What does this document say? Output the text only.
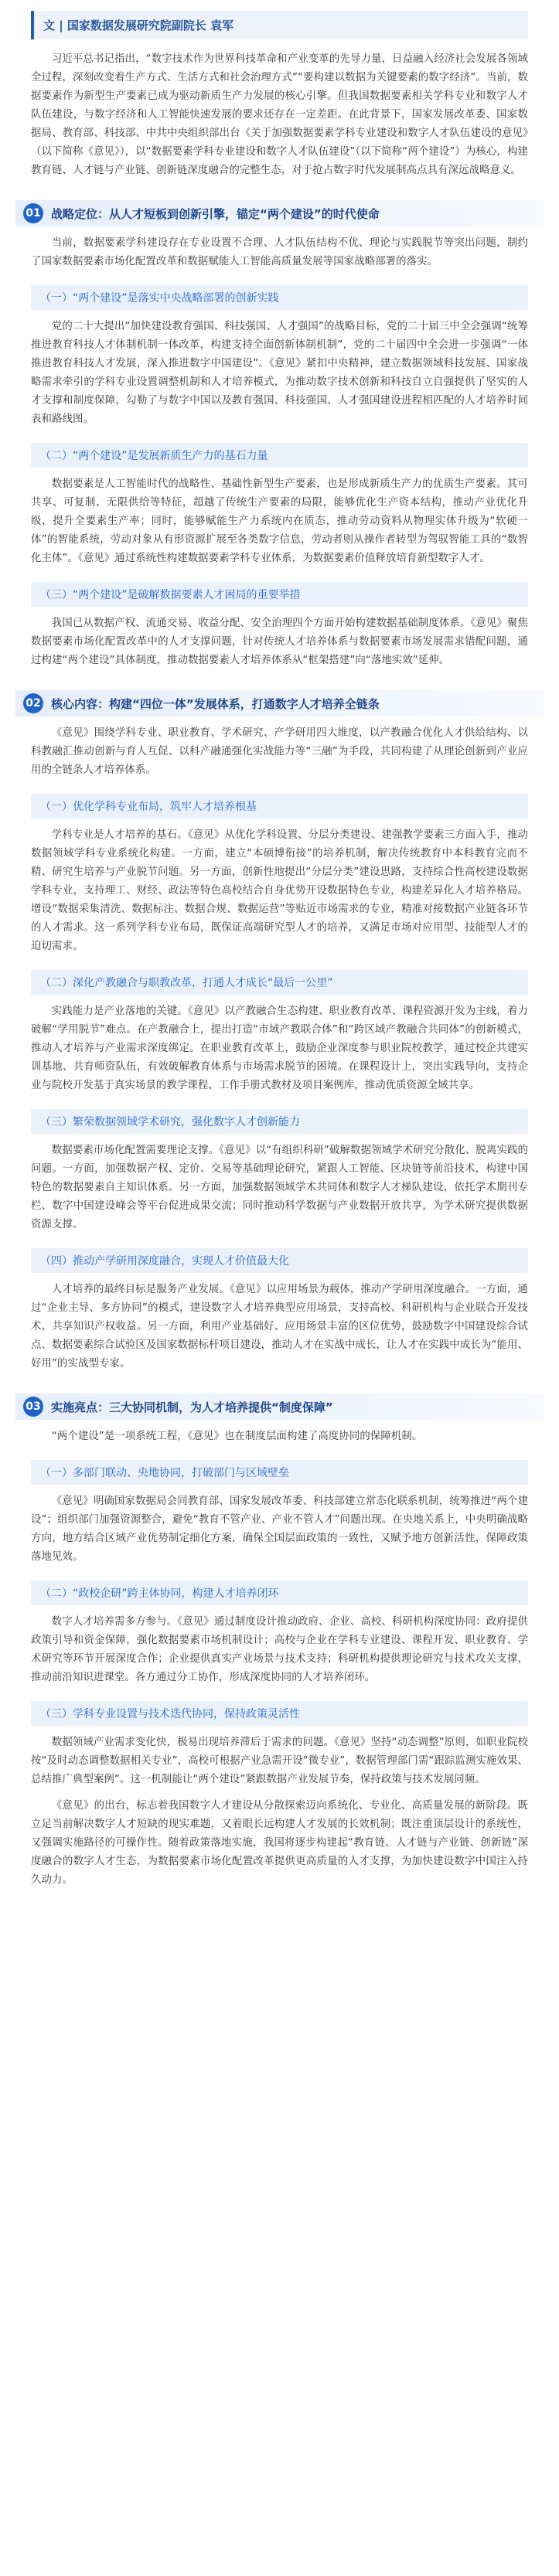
文 | 国家数据发展研究院副院长 袁军

习近平总书记指出，“数字技术作为世界科技革命和产业变革的先导力量，日益融入经济社会发展各领域全过程，深刻改变着生产方式、生活方式和社会治理方式”“要构建以数据为关键要素的数字经济”。当前，数据要素作为新型生产要素已成为驱动新质生产力发展的核心引擎。但我国数据要素相关学科专业和数字人才队伍建设，与数字经济和人工智能快速发展的要求还存在一定差距。在此背景下，国家发展改革委、国家数据局、教育部、科技部、中共中央组织部出台《关于加强数据要素学科专业建设和数字人才队伍建设的意见》（以下简称《意见》），以“数据要素学科专业建设和数字人才队伍建设”（以下简称“两个建设”）为核心，构建教育链、人才链与产业链、创新链深度融合的完整生态，对于抢占数字时代发展制高点具有深远战略意义。

01 战略定位：从人才短板到创新引擎，锚定“两个建设”的时代使命

当前，数据要素学科建设存在专业设置不合理、人才队伍结构不优、理论与实践脱节等突出问题，制约了国家数据要素市场化配置改革和数据赋能人工智能高质量发展等国家战略部署的落实。

（一）“两个建设”是落实中央战略部署的创新实践

党的二十大提出“加快建设教育强国、科技强国、人才强国”的战略目标，党的二十届三中全会强调“统筹推进教育科技人才体制机制一体改革，构建支持全面创新体制机制”，党的二十届四中全会进一步强调“一体推进教育科技人才发展，深入推进数字中国建设”。《意见》紧扣中央精神，建立数据领域科技发展、国家战略需求牵引的学科专业设置调整机制和人才培养模式，为推动数字技术创新和科技自立自强提供了坚实的人才支撑和制度保障，勾勒了与数字中国以及教育强国、科技强国、人才强国建设进程相匹配的人才培养时间表和路线图。

（二）“两个建设”是发展新质生产力的基石力量

数据要素是人工智能时代的战略性、基础性新型生产要素，也是形成新质生产力的优质生产要素。其可共享、可复制、无限供给等特征，超越了传统生产要素的局限，能够优化生产资本结构，推动产业优化升级，提升全要素生产率；同时，能够赋能生产力系统内在质态，推动劳动资料从物理实体升级为“软硬一体”的智能系统，劳动对象从有形资源扩展至各类数字信息，劳动者则从操作者转型为驾驭智能工具的“数智化主体”。《意见》通过系统性构建数据要素学科专业体系，为数据要素价值释放培育新型数字人才。

（三）“两个建设”是破解数据要素人才困局的重要举措

我国已从数据产权、流通交易、收益分配、安全治理四个方面开始构建数据基础制度体系。《意见》聚焦数据要素市场化配置改革中的人才支撑问题，针对传统人才培养体系与数据要素市场发展需求错配问题，通过构建“两个建设”具体制度，推动数据要素人才培养体系从“框架搭建”向“落地实效”延伸。

02 核心内容：构建“四位一体”发展体系，打通数字人才培养全链条

《意见》围绕学科专业、职业教育、学术研究、产学研用四大维度，以产教融合优化人才供给结构、以科教融汇推动创新与育人互促、以科产融通强化实战能力等“三融”为手段，共同构建了从理论创新到产业应用的全链条人才培养体系。

（一）优化学科专业布局，筑牢人才培养根基

学科专业是人才培养的基石。《意见》从优化学科设置、分层分类建设、建强教学要素三方面入手，推动数据领域学科专业系统化构建。一方面，建立“本硕博衔接”的培养机制，解决传统教育中本科教育完而不精、研究生培养与产业脱节问题。另一方面，创新性地提出“分层分类”建设思路，支持综合性高校建设数据学科专业，支持理工、财经、政法等特色高校结合自身优势开设数据特色专业，构建差异化人才培养格局。增设“数据采集清洗、数据标注、数据合规、数据运营”等贴近市场需求的专业，精准对接数据产业链各环节的人才需求。这一系列学科专业布局，既保证高端研究型人才的培养，又满足市场对应用型、技能型人才的迫切需求。

（二）深化产教融合与职教改革，打通人才成长“最后一公里”

实践能力是产业落地的关键。《意见》以产教融合生态构建、职业教育改革、课程资源开发为主线，着力破解“学用脱节”难点。在产教融合上，提出打造“市域产教联合体”和“跨区域产教融合共同体”的创新模式，推动人才培养与产业需求深度绑定。在职业教育改革上，鼓励企业深度参与职业院校教学，通过校企共建实训基地、共育师资队伍，有效破解教育体系与市场需求脱节的困境。在课程设计上，突出实践导向，支持企业与院校开发基于真实场景的教学课程、工作手册式教材及项目案例库，推动优质资源全域共享。

（三）繁荣数据领域学术研究，强化数字人才创新能力

数据要素市场化配置需要理论支撑。《意见》以“有组织科研”破解数据领域学术研究分散化、脱离实践的问题。一方面，加强数据产权、定价、交易等基础理论研究，紧跟人工智能、区块链等前沿技术，构建中国特色的数据要素自主知识体系。另一方面，加强数据领域学术共同体和数字人才梯队建设，依托学术期刊专栏、数字中国建设峰会等平台促进成果交流；同时推动科学数据与产业数据开放共享，为学术研究提供数据资源支撑。

（四）推动产学研用深度融合，实现人才价值最大化

人才培养的最终目标是服务产业发展。《意见》以应用场景为载体，推动产学研用深度融合。一方面，通过“企业主导、多方协同”的模式，建设数字人才培养典型应用场景，支持高校、科研机构与企业联合开发技术、共享知识产权收益。另一方面，利用产业基础好、应用场景丰富的区位优势，鼓励数字中国建设综合试点、数据要素综合试验区及国家数据标杆项目建设，推动人才在实战中成长，让人才在实践中成长为“能用、好用”的实战型专家。

03 实施亮点：三大协同机制，为人才培养提供“制度保障”

“两个建设”是一项系统工程，《意见》也在制度层面构建了高度协同的保障机制。

（一）多部门联动、央地协同，打破部门与区域壁垒

《意见》明确国家数据局会同教育部、国家发展改革委、科技部建立常态化联系机制，统筹推进“两个建设”；组织部门加强资源整合，避免“教育不管产业、产业不管人才”问题出现。在央地关系上，中央明确战略方向，地方结合区域产业优势制定细化方案，确保全国层面政策的一致性，又赋予地方创新活性，保障政策落地见效。

（二）“政校企研”跨主体协同，构建人才培养闭环

数字人才培养需多方参与。《意见》通过制度设计推动政府、企业、高校、科研机构深度协同：政府提供政策引导和资金保障，强化数据要素市场机制设计；高校与企业在学科专业建设、课程开发、职业教育、学术研究等环节开展深度合作；企业提供真实产业场景与技术支持；科研机构提供理论研究与技术攻关支撑，推动前沿知识进课堂。各方通过分工协作，形成深度协同的人才培养闭环。

（三）学科专业设置与技术迭代协同，保持政策灵活性

数据领域产业需求变化快，极易出现培养滞后于需求的问题。《意见》坚持“动态调整”原则，如职业院校按“及时动态调整数据相关专业”，高校可根据产业急需开设“微专业”，数据管理部门需“跟踪监测实施效果、总结推广典型案例”。这一机制能让“两个建设”紧跟数据产业发展节奏，保持政策与技术发展同频。

《意见》的出台，标志着我国数字人才建设从分散探索迈向系统化、专业化、高质量发展的新阶段。既立足当前解决数字人才短缺的现实难题，又着眼长远构建人才发展的长效机制；既注重顶层设计的系统性，又强调实施路径的可操作性。随着政策落地实施，我国将逐步构建起“教育链、人才链与产业链、创新链”深度融合的数字人才生态，为数据要素市场化配置改革提供更高质量的人才支撑，为加快建设数字中国注入持久动力。
